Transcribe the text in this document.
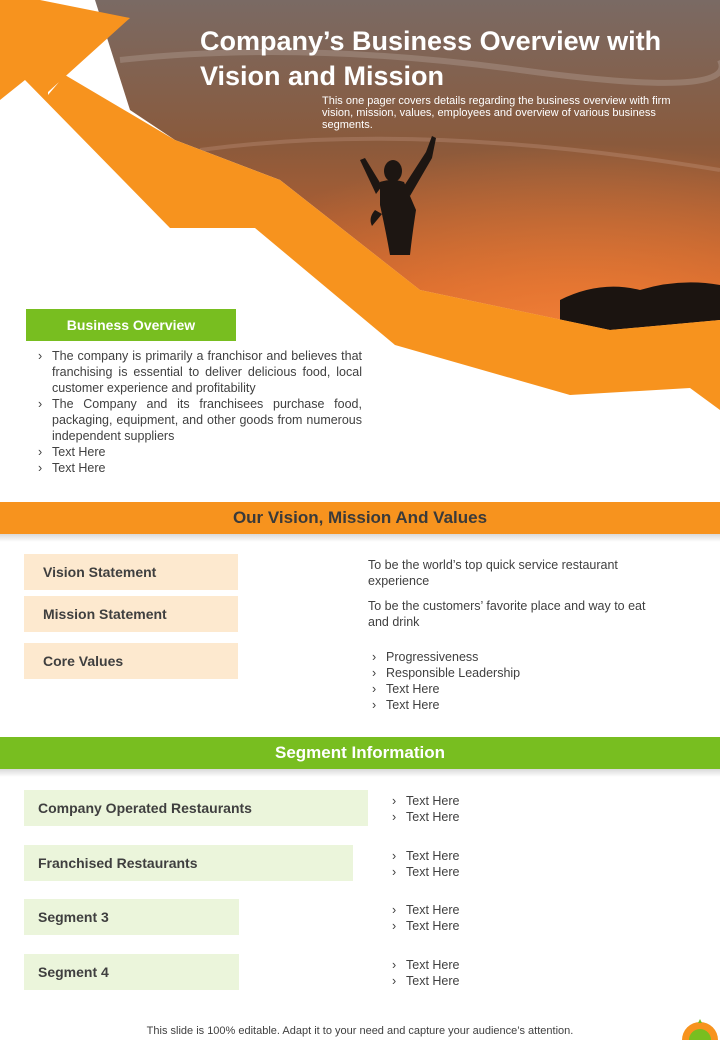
Company’s Business Overview with Vision and Mission

This one pager covers details regarding the business overview with firm vision, mission, values, employees and overview of various business segments.

Business Overview
› The company is primarily a franchisor and believes that franchising is essential to deliver delicious food, local customer experience and profitability
› The Company and its franchisees purchase food, packaging, equipment, and other goods from numerous independent suppliers
› Text Here
› Text Here
Our Vision, Mission And Values
Vision Statement	To be the world’s top quick service restaurant experience

Mission Statement	To be the customers’ favorite place and way to eat and drink

Core Values	› Progressiveness
› Responsible Leadership
› Text Here
› Text Here
Segment Information
Company Operated Restaurants	› Text Here
› Text Here
Franchised Restaurants	› Text Here
› Text Here
Segment 3	› Text Here
› Text Here
Segment 4	› Text Here
› Text Here
This slide is 100% editable. Adapt it to your need and capture your audience’s attention.
